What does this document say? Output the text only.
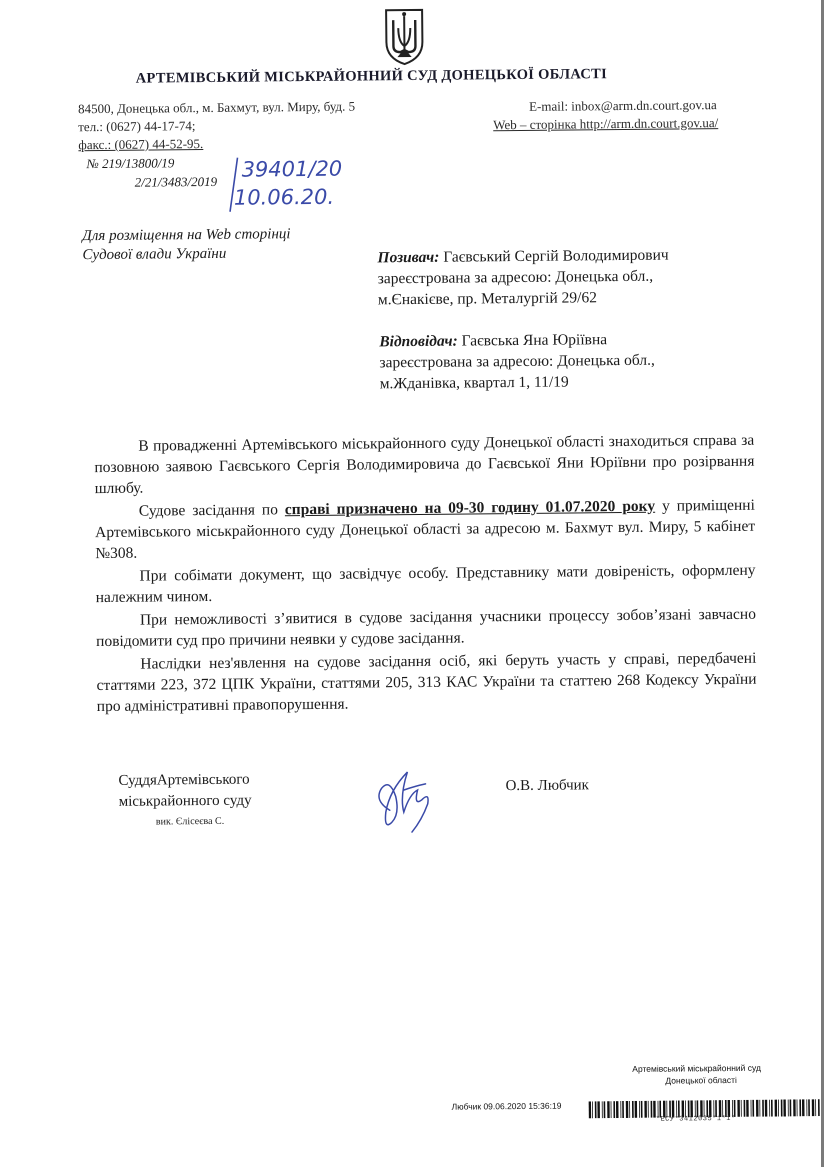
АРТЕМІВСЬКИЙ МІСЬКРАЙОННИЙ СУД ДОНЕЦЬКОЇ ОБЛАСТІ
84500, Донецька обл., м. Бахмут, вул. Миру, буд. 5
тел.: (0627) 44-17-74;
факс.: (0627) 44-52-95.
E-mail: inbox@arm.dn.court.gov.ua
Web – сторінка http://arm.dn.court.gov.ua/
№ 219/13800/19
2/21/3483/2019
39401/20
10.06.20.
Для розміщення на Web сторінці
Судової влади України	Позивач: Гаєвський Сергій Володимирович
зареєстрована за адресою: Донецька обл.,
м.Єнакієве, пр. Металургій 29/62
Відповідач: Гаєвська Яна Юріївна
зареєстрована за адресою: Донецька обл.,
м.Жданівка, квартал 1, 11/19

В провадженні Артемівського міськрайонного суду Донецької області знаходиться справа за позовною заявою Гаєвського Сергія Володимировича до Гаєвської Яни Юріївни про розірвання шлюбу.

Судове засідання по справі призначено на 09-30 годину 01.07.2020 року у приміщенні Артемівського міськрайонного суду Донецької області за адресою м. Бахмут вул. Миру, 5 кабінет №308.

При собімати документ, що засвідчує особу. Представнику мати довіреність, оформлену належним чином.

При неможливості з’явитися в судове засідання учасники процессу зобов’язані завчасно повідомити суд про причини неявки у судове засідання.

Наслідки нез'явлення на судове засідання осіб, які беруть участь у справі, передбачені статтями 223, 372 ЦПК України, статтями 205, 313 КАС України та статтею 268 Кодексу України про адміністративні правопорушення.

СуддяАртемівського
міськрайонного суду
вик. Єлісеєва С.
О.В. Любчик
Артемівський міськрайонний суд
Донецької області
Любчик 09.06.2020 15:36:19
*ЕСУ*3412035*1*1*
